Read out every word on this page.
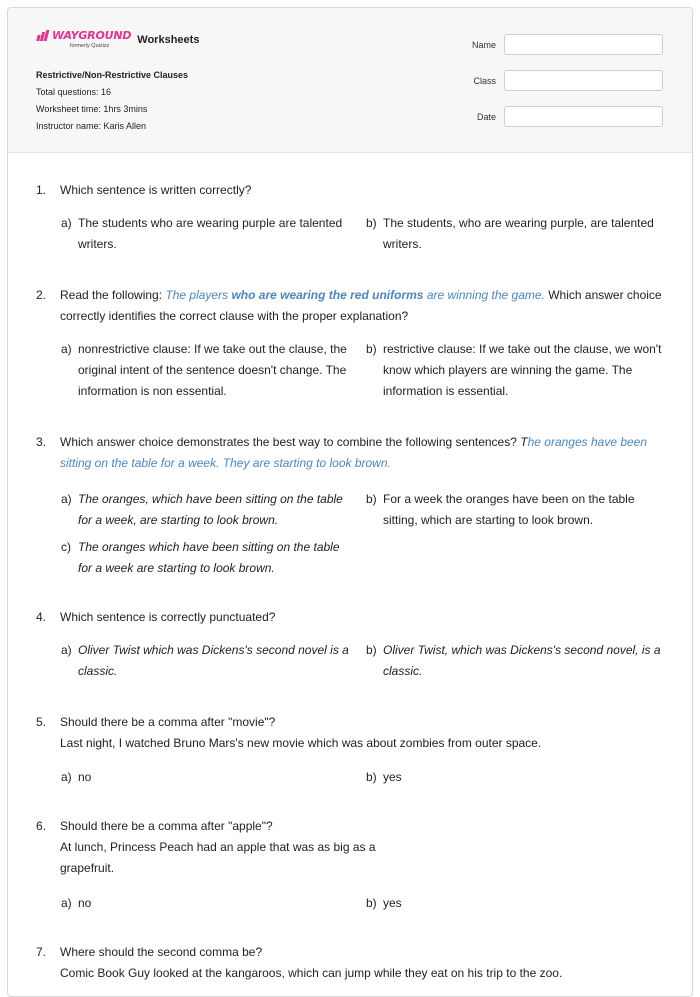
WAYGROUND
formerly Quizizz	Worksheets
Restrictive/Non-Restrictive Clauses
Total questions: 16
Worksheet time: 1hrs 3mins
Instructor name: Karis Allen
Name
Class
Date
1. Which sentence is written correctly?
a) The students who are wearing purple are talented writers.
b) The students, who are wearing purple, are talented writers.
2. Read the following: The players who are wearing the red uniforms are winning the game. Which answer choice correctly identifies the correct clause with the proper explanation?
a) nonrestrictive clause: If we take out the clause, the original intent of the sentence doesn't change. The information is non essential.
b) restrictive clause: If we take out the clause, we won't know which players are winning the game. The information is essential.
3. Which answer choice demonstrates the best way to combine the following sentences? The oranges have been sitting on the table for a week. They are starting to look brown.
a) The oranges, which have been sitting on the table for a week, are starting to look brown.
b) For a week the oranges have been on the table sitting, which are starting to look brown.
c) The oranges which have been sitting on the table for a week are starting to look brown.
4. Which sentence is correctly punctuated?
a) Oliver Twist which was Dickens's second novel is a classic.
b) Oliver Twist, which was Dickens's second novel, is a classic.
5. Should there be a comma after "movie"?
Last night, I watched Bruno Mars's new movie which was about zombies from outer space.
a) no	b) yes
6. Should there be a comma after "apple"?
At lunch, Princess Peach had an apple that was as big as a grapefruit.
a) no	b) yes
7. Where should the second comma be?
Comic Book Guy looked at the kangaroos, which can jump while they eat on his trip to the zoo.
